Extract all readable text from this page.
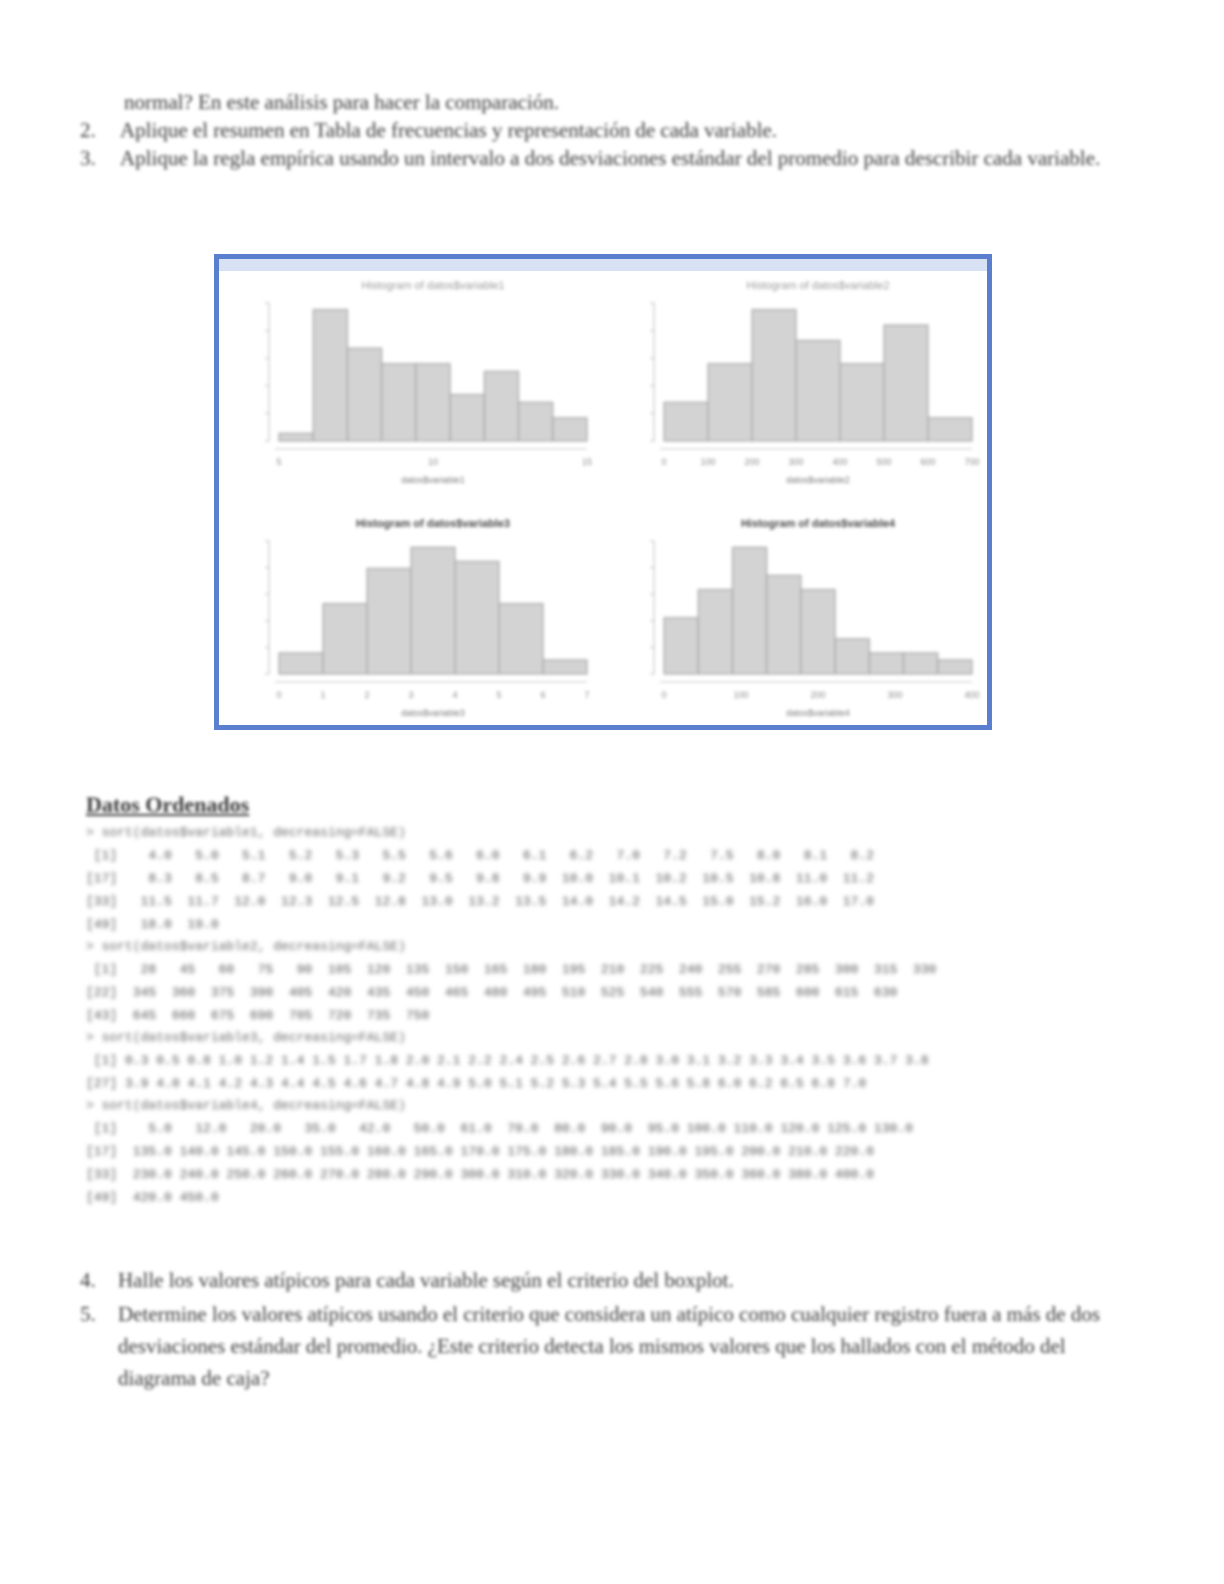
normal? En este análisis para hacer la comparación.
2.	Aplique el resumen en Tabla de frecuencias y representación de cada variable.
3.	Aplique la regla empírica usando un intervalo a dos desviaciones estándar del promedio para describir cada variable.
Histogram of datos$variable1
5	10	15
datos$variable1
Histogram of datos$variable2
0	100	200	300	400	500	600	700
datos$variable2
Histogram of datos$variable3
0	1	2	3	4	5	6	7
datos$variable3
Histogram of datos$variable4
0	100	200	300	400
datos$variable4
Datos Ordenados
> sort(datos$variable1, decreasing=FALSE)
[1]    4.0   5.0   5.1   5.2   5.3   5.5   5.6   6.0   6.1   6.2   7.0   7.2   7.5   8.0   8.1   8.2
[17]    8.3   8.5   8.7   9.0   9.1   9.2   9.5   9.8   9.9  10.0  10.1  10.2  10.5  10.8  11.0  11.2
[33]   11.5  11.7  12.0  12.3  12.5  12.8  13.0  13.2  13.5  14.0  14.2  14.5  15.0  15.2  16.0  17.0
[49]   18.0  19.0
> sort(datos$variable2, decreasing=FALSE)
[1]   28   45   60   75   90  105  120  135  150  165  180  195  210  225  240  255  270  285  300  315  330
[22]  345  360  375  390  405  420  435  450  465  480  495  510  525  540  555  570  585  600  615  630
[43]  645  660  675  690  705  720  735  750
> sort(datos$variable3, decreasing=FALSE)
[1] 0.3 0.5 0.8 1.0 1.2 1.4 1.5 1.7 1.8 2.0 2.1 2.2 2.4 2.5 2.6 2.7 2.8 3.0 3.1 3.2 3.3 3.4 3.5 3.6 3.7 3.8
[27] 3.9 4.0 4.1 4.2 4.3 4.4 4.5 4.6 4.7 4.8 4.9 5.0 5.1 5.2 5.3 5.4 5.5 5.6 5.8 6.0 6.2 6.5 6.8 7.0
> sort(datos$variable4, decreasing=FALSE)
[1]    5.0   12.0   20.0   35.0   42.0   50.0  61.0  70.0  80.0  90.0  95.0 100.0 110.0 120.0 125.0 130.0
[17]  135.0 140.0 145.0 150.0 155.0 160.0 165.0 170.0 175.0 180.0 185.0 190.0 195.0 200.0 210.0 220.0
[33]  230.0 240.0 250.0 260.0 270.0 280.0 290.0 300.0 310.0 320.0 330.0 340.0 350.0 360.0 380.0 400.0
[49]  420.0 450.0
4.	Halle los valores atípicos para cada variable según el criterio del boxplot.
5.	Determine los valores atípicos usando el criterio que considera un atípico como cualquier registro fuera a más de dos desviaciones estándar del promedio. ¿Este criterio detecta los mismos valores que los hallados con el método del diagrama de caja?
